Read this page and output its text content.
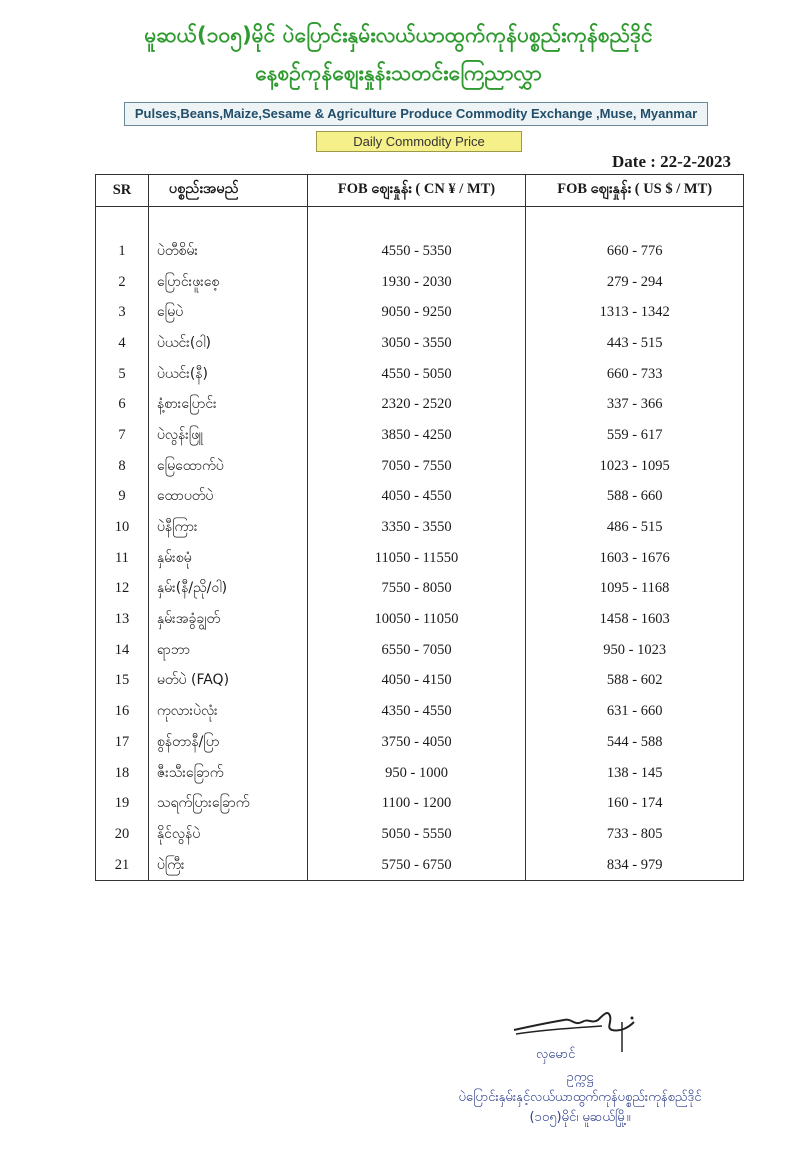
မူဆယ်(၁၀၅)မိုင် ပဲပြောင်းနှမ်းလယ်ယာထွက်ကုန်ပစ္စည်းကုန်စည်ဒိုင်
နေ့စဉ်ကုန်ဈေးနှုန်းသတင်းကြေညာလွှာ
Pulses,Beans,Maize,Sesame & Agriculture Produce Commodity Exchange ,Muse, Myanmar
Daily Commodity Price
Date : 22-2-2023
SR	ပစ္စည်းအမည်	FOB ဈေးနှုန်း ( CN ¥ / MT)	FOB ဈေးနှုန်း ( US $ / MT)

1	ပဲတီစိမ်း	4550 - 5350	660 - 776
2	ပြောင်းဖူးစေ့	1930 - 2030	279 - 294
3	မြေပဲ	9050 - 9250	1313 - 1342
4	ပဲယင်း(ဝါ)	3050 - 3550	443 - 515
5	ပဲယင်း(နီ)	4550 - 5050	660 - 733
6	နံ့စားပြောင်း	2320 - 2520	337 - 366
7	ပဲလွန်းဖြူ	3850 - 4250	559 - 617
8	မြေထောက်ပဲ	7050 - 7550	1023 - 1095
9	ထောပတ်ပဲ	4050 - 4550	588 - 660
10	ပဲနီကြား	3350 - 3550	486 - 515
11	နှမ်းစမုံ	11050 - 11550	1603 - 1676
12	နှမ်း(နီ/ညို/ဝါ)	7550 - 8050	1095 - 1168
13	နှမ်းအခွံချွတ်	10050 - 11050	1458 - 1603
14	ရာဘာ	6550 - 7050	950 - 1023
15	မတ်ပဲ (FAQ)	4050 - 4150	588 - 602
16	ကုလားပဲလုံး	4350 - 4550	631 - 660
17	စွန်တာနီ/ပြာ	3750 - 4050	544 - 588
18	ဇီးသီးခြောက်	950 - 1000	138 - 145
19	သရက်ပြားခြောက်	1100 - 1200	160 - 174
20	နိုင်လွန်ပဲ	5050 - 5550	733 - 805
21	ပဲကြီး	5750 - 6750	834 - 979
လှမောင်
ဥက္ကဋ္ဌ
ပဲပြောင်းနှမ်းနှင့်လယ်ယာထွက်ကုန်ပစ္စည်းကုန်စည်ဒိုင်
(၁၀၅)မိုင်၊ မူဆယ်မြို့။
